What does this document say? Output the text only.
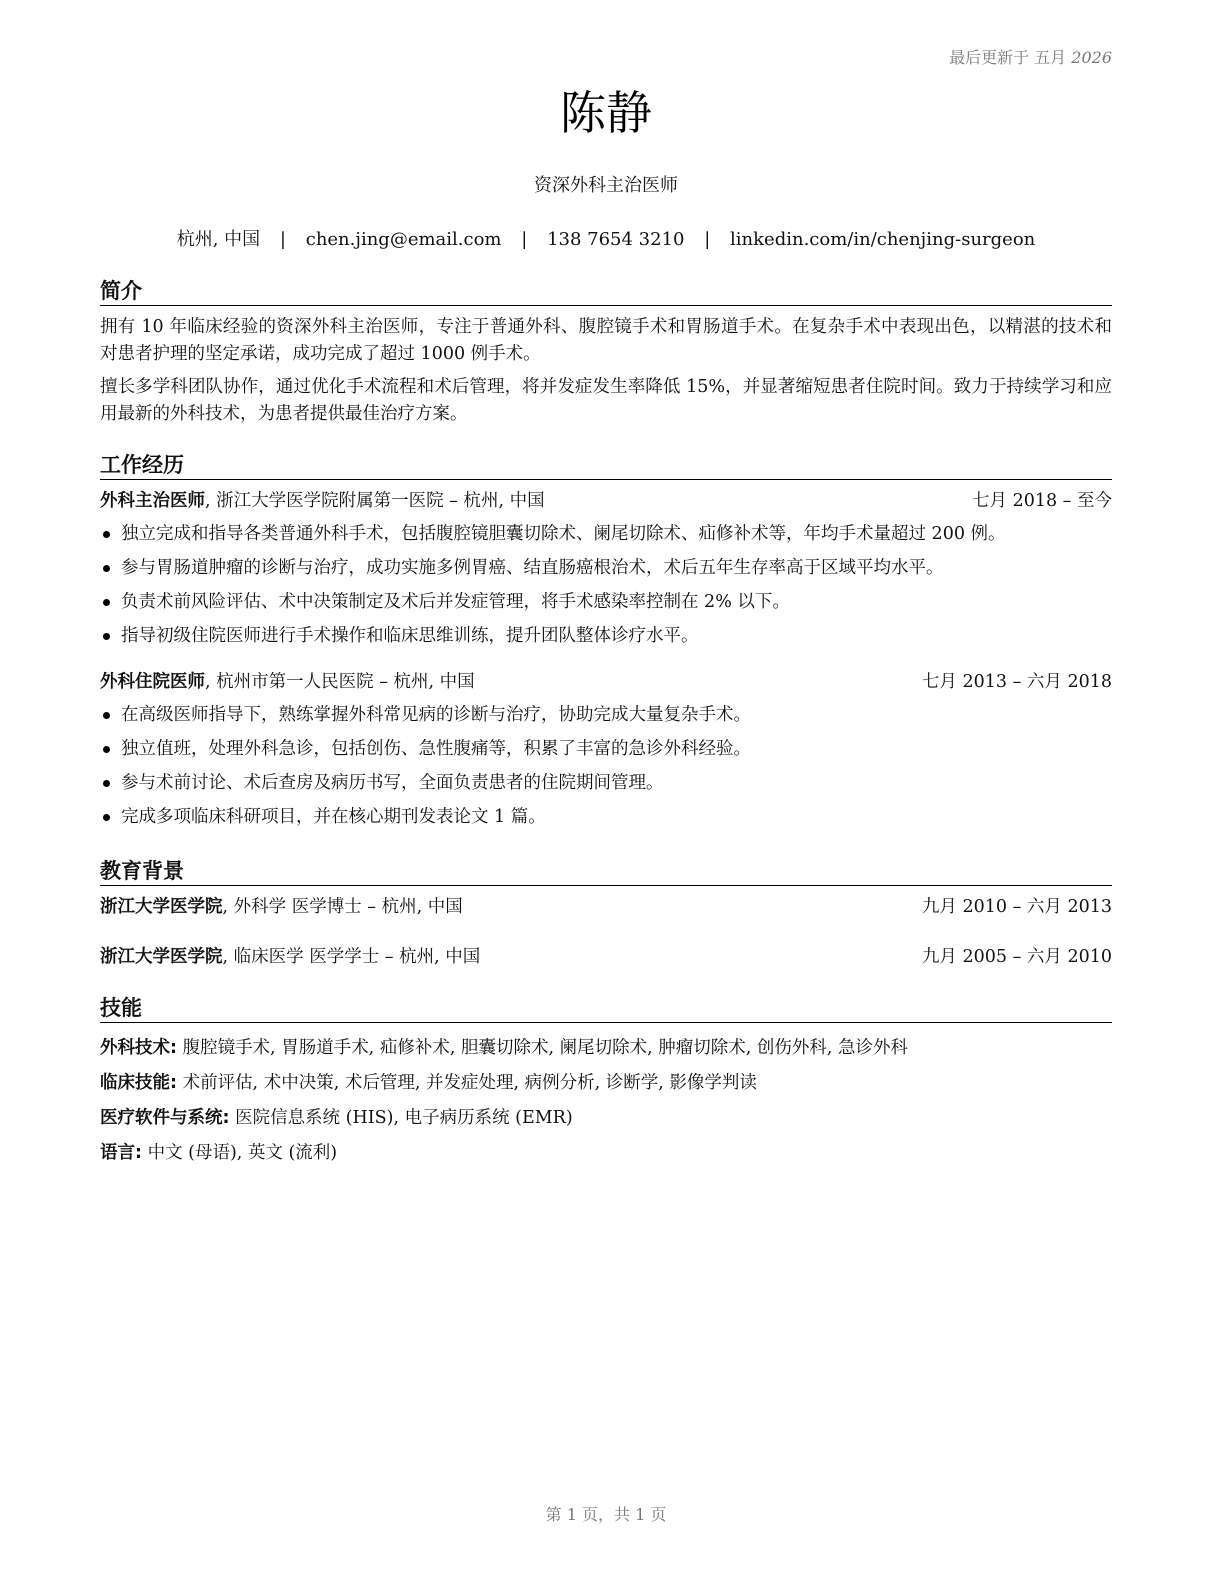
最后更新于 五月 2026
陈静
资深外科主治医师
杭州, 中国 | chen.jing@email.com | 138 7654 3210 | linkedin.com/in/chenjing-surgeon
简介

拥有 10 年临床经验的资深外科主治医师，专注于普通外科、腹腔镜手术和胃肠道手术。在复杂手术中表现出色，以精湛的技术和对患者护理的坚定承诺，成功完成了超过 1000 例手术。

擅长多学科团队协作，通过优化手术流程和术后管理，将并发症发生率降低 15%，并显著缩短患者住院时间。致力于持续学习和应用最新的外科技术，为患者提供最佳治疗方案。

工作经历
外科主治医师, 浙江大学医学院附属第一医院 – 杭州, 中国	七月 2018 – 至今
独立完成和指导各类普通外科手术，包括腹腔镜胆囊切除术、阑尾切除术、疝修补术等，年均手术量超过 200 例。
参与胃肠道肿瘤的诊断与治疗，成功实施多例胃癌、结直肠癌根治术，术后五年生存率高于区域平均水平。
负责术前风险评估、术中决策制定及术后并发症管理，将手术感染率控制在 2% 以下。
指导初级住院医师进行手术操作和临床思维训练，提升团队整体诊疗水平。
外科住院医师, 杭州市第一人民医院 – 杭州, 中国	七月 2013 – 六月 2018
在高级医师指导下，熟练掌握外科常见病的诊断与治疗，协助完成大量复杂手术。
独立值班，处理外科急诊，包括创伤、急性腹痛等，积累了丰富的急诊外科经验。
参与术前讨论、术后查房及病历书写，全面负责患者的住院期间管理。
完成多项临床科研项目，并在核心期刊发表论文 1 篇。
教育背景
浙江大学医学院, 外科学 医学博士 – 杭州, 中国	九月 2010 – 六月 2013
浙江大学医学院, 临床医学 医学学士 – 杭州, 中国	九月 2005 – 六月 2010
技能
外科技术: 腹腔镜手术, 胃肠道手术, 疝修补术, 胆囊切除术, 阑尾切除术, 肿瘤切除术, 创伤外科, 急诊外科
临床技能: 术前评估, 术中决策, 术后管理, 并发症处理, 病例分析, 诊断学, 影像学判读
医疗软件与系统: 医院信息系统 (HIS), 电子病历系统 (EMR)
语言: 中文 (母语), 英文 (流利)
第 1 页，共 1 页
